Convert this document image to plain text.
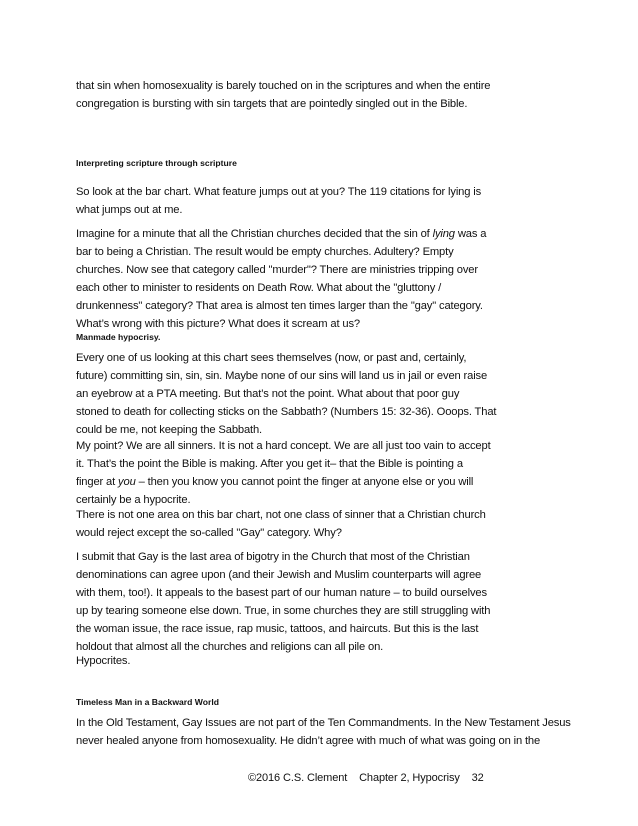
that sin when homosexuality is barely touched on in the scriptures and when the entire
congregation is bursting with sin targets that are pointedly singled out in the Bible.
Interpreting scripture through scripture
So look at the bar chart. What feature jumps out at you? The 119 citations for lying is
what jumps out at me.
Imagine for a minute that all the Christian churches decided that the sin of lying was a
bar to being a Christian. The result would be empty churches. Adultery? Empty
churches. Now see that category called "murder"? There are ministries tripping over
each other to minister to residents on Death Row. What about the "gluttony /
drunkenness" category? That area is almost ten times larger than the "gay" category.
What’s wrong with this picture? What does it scream at us?
Manmade hypocrisy.
Every one of us looking at this chart sees themselves (now, or past and, certainly,
future) committing sin, sin, sin. Maybe none of our sins will land us in jail or even raise
an eyebrow at a PTA meeting. But that’s not the point. What about that poor guy
stoned to death for collecting sticks on the Sabbath? (Numbers 15: 32-36). Ooops. That
could be me, not keeping the Sabbath.
My point? We are all sinners. It is not a hard concept. We are all just too vain to accept
it. That’s the point the Bible is making. After you get it– that the Bible is pointing a
finger at you – then you know you cannot point the finger at anyone else or you will
certainly be a hypocrite.
There is not one area on this bar chart, not one class of sinner that a Christian church
would reject except the so-called "Gay" category. Why?
I submit that Gay is the last area of bigotry in the Church that most of the Christian
denominations can agree upon (and their Jewish and Muslim counterparts will agree
with them, too!). It appeals to the basest part of our human nature – to build ourselves
up by tearing someone else down. True, in some churches they are still struggling with
the woman issue, the race issue, rap music, tattoos, and haircuts. But this is the last
holdout that almost all the churches and religions can all pile on.
Hypocrites.
Timeless Man in a Backward World
In the Old Testament, Gay Issues are not part of the Ten Commandments. In the New Testament Jesus
never healed anyone from homosexuality. He didn’t agree with much of what was going on in the
©2016 C.S. Clement Chapter 2, Hypocrisy 32
